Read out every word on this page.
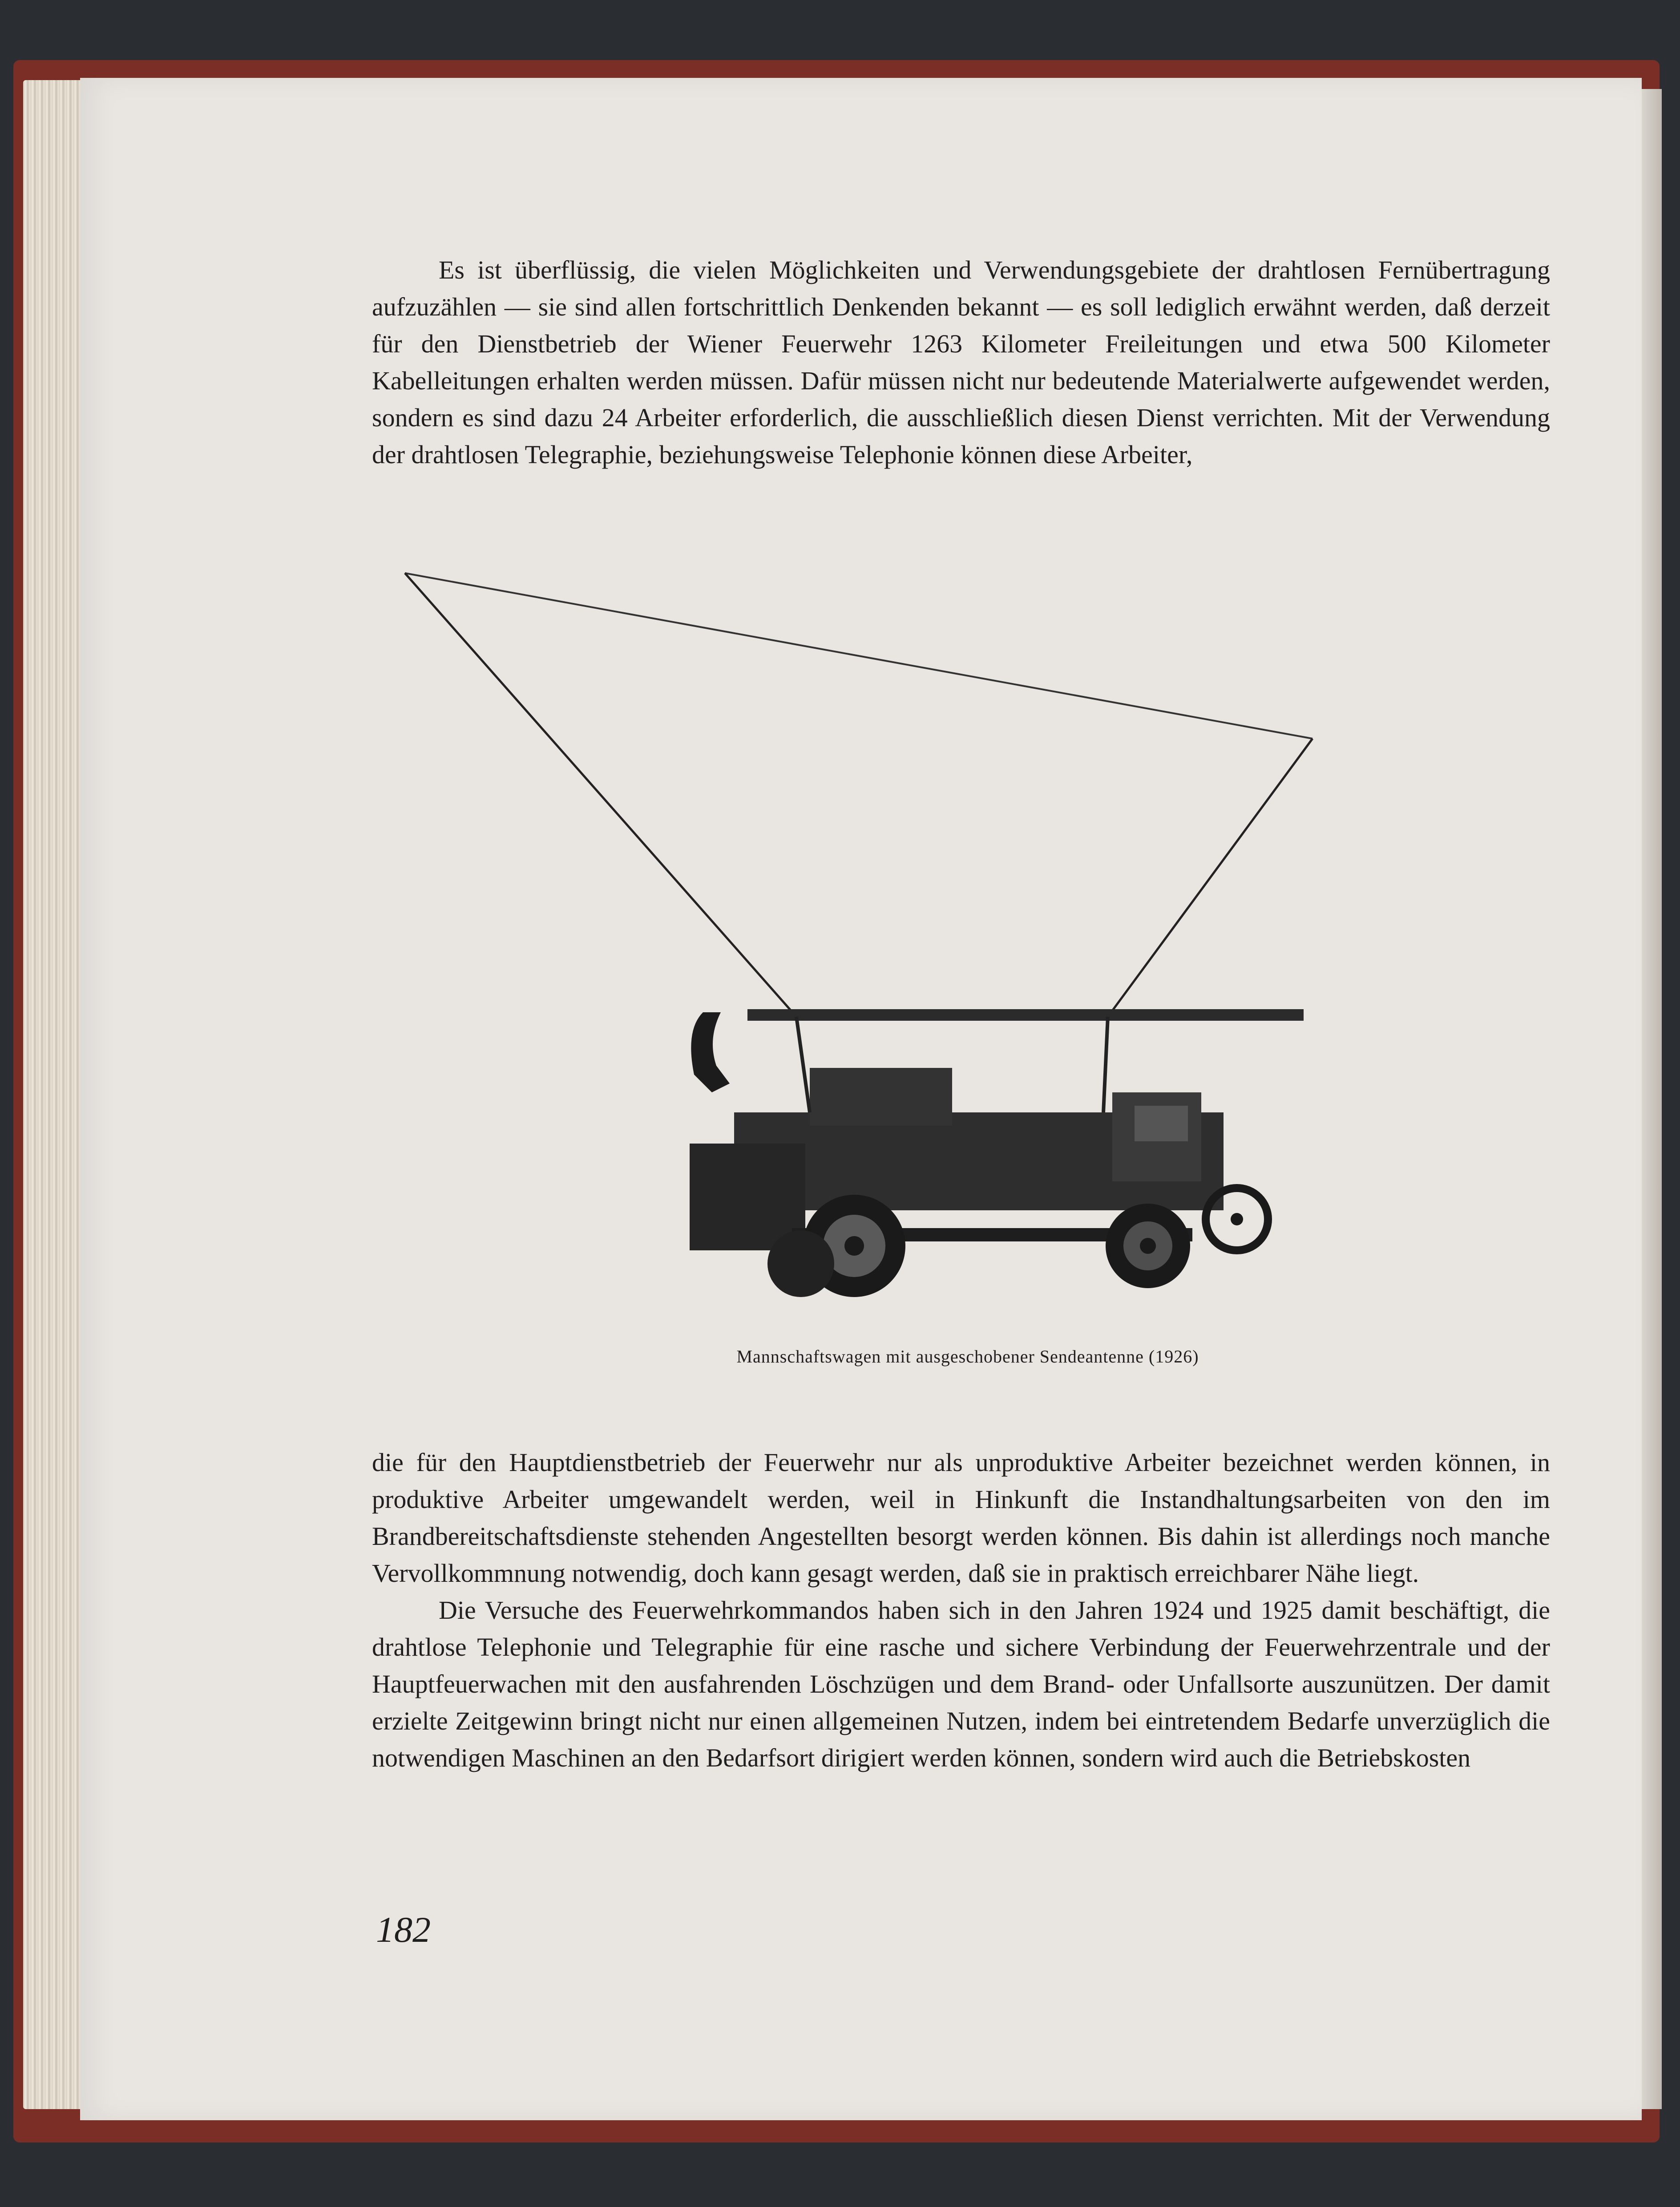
Es ist überflüssig, die vielen Möglichkeiten und Verwendungsgebiete der drahtlosen Fernübertragung aufzuzählen — sie sind allen fortschrittlich Denkenden bekannt — es soll lediglich erwähnt werden, daß derzeit für den Dienstbetrieb der Wiener Feuerwehr 1263 Kilometer Freileitungen und etwa 500 Kilometer Kabelleitungen erhalten werden müssen. Dafür müssen nicht nur bedeutende Materialwerte aufgewendet werden, sondern es sind dazu 24 Arbeiter erforderlich, die ausschließlich diesen Dienst verrichten. Mit der Verwendung der drahtlosen Telegraphie, beziehungsweise Telephonie können diese Arbeiter,

Mannschaftswagen mit ausgeschobener Sendeantenne (1926)

die für den Hauptdienstbetrieb der Feuerwehr nur als unproduktive Arbeiter bezeichnet werden können, in produktive Arbeiter umgewandelt werden, weil in Hinkunft die Instandhaltungsarbeiten von den im Brandbereitschaftsdienste stehenden Angestellten besorgt werden können. Bis dahin ist allerdings noch manche Vervollkommnung notwendig, doch kann gesagt werden, daß sie in praktisch erreichbarer Nähe liegt.

Die Versuche des Feuerwehrkommandos haben sich in den Jahren 1924 und 1925 damit beschäftigt, die drahtlose Telephonie und Telegraphie für eine rasche und sichere Verbindung der Feuerwehrzentrale und der Hauptfeuerwachen mit den ausfahrenden Löschzügen und dem Brand- oder Unfallsorte auszunützen. Der damit erzielte Zeitgewinn bringt nicht nur einen allgemeinen Nutzen, indem bei eintretendem Bedarfe unverzüglich die notwendigen Maschinen an den Bedarfsort dirigiert werden können, sondern wird auch die Betriebskosten

182
